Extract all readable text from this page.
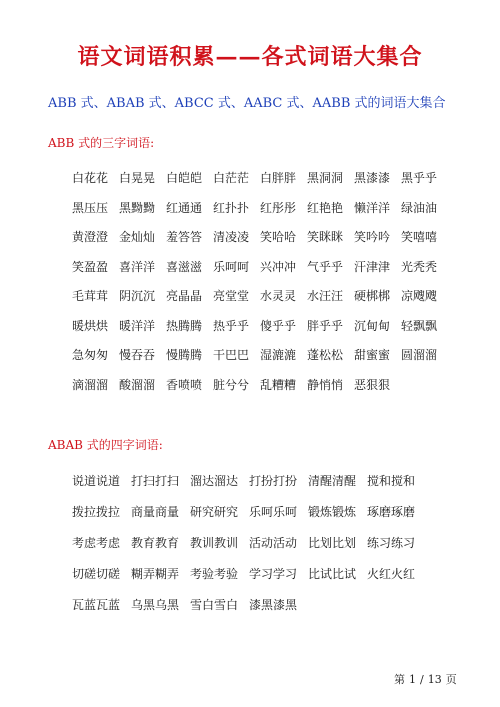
语文词语积累——各式词语大集合
ABB 式、ABAB 式、ABCC 式、AABC 式、AABB 式的词语大集合
ABB 式的三字词语:
白花花 白晃晃 白皑皑 白茫茫 白胖胖 黑洞洞 黑漆漆 黑乎乎
黑压压 黑黝黝 红通通 红扑扑 红彤彤 红艳艳 懒洋洋 绿油油
黄澄澄 金灿灿 羞答答 清凌凌 笑哈哈 笑眯眯 笑吟吟 笑嘻嘻
笑盈盈 喜洋洋 喜滋滋 乐呵呵 兴冲冲 气乎乎 汗津津 光秃秃
毛茸茸 阴沉沉 亮晶晶 亮堂堂 水灵灵 水汪汪 硬梆梆 凉飕飕
暖烘烘 暖洋洋 热腾腾 热乎乎 傻乎乎 胖乎乎 沉甸甸 轻飘飘
急匆匆 慢吞吞 慢腾腾 干巴巴 湿漉漉 蓬松松 甜蜜蜜 圆溜溜
滴溜溜 酸溜溜 香喷喷 脏兮兮 乱糟糟 静悄悄 恶狠狠
ABAB 式的四字词语:
说道说道 打扫打扫 溜达溜达 打扮打扮 清醒清醒 搅和搅和
拨拉拨拉 商量商量 研究研究 乐呵乐呵 锻炼锻炼 琢磨琢磨
考虑考虑 教育教育 教训教训 活动活动 比划比划 练习练习
切磋切磋 糊弄糊弄 考验考验 学习学习 比试比试 火红火红
瓦蓝瓦蓝 乌黑乌黑 雪白雪白 漆黑漆黑
第 1 / 13 页
